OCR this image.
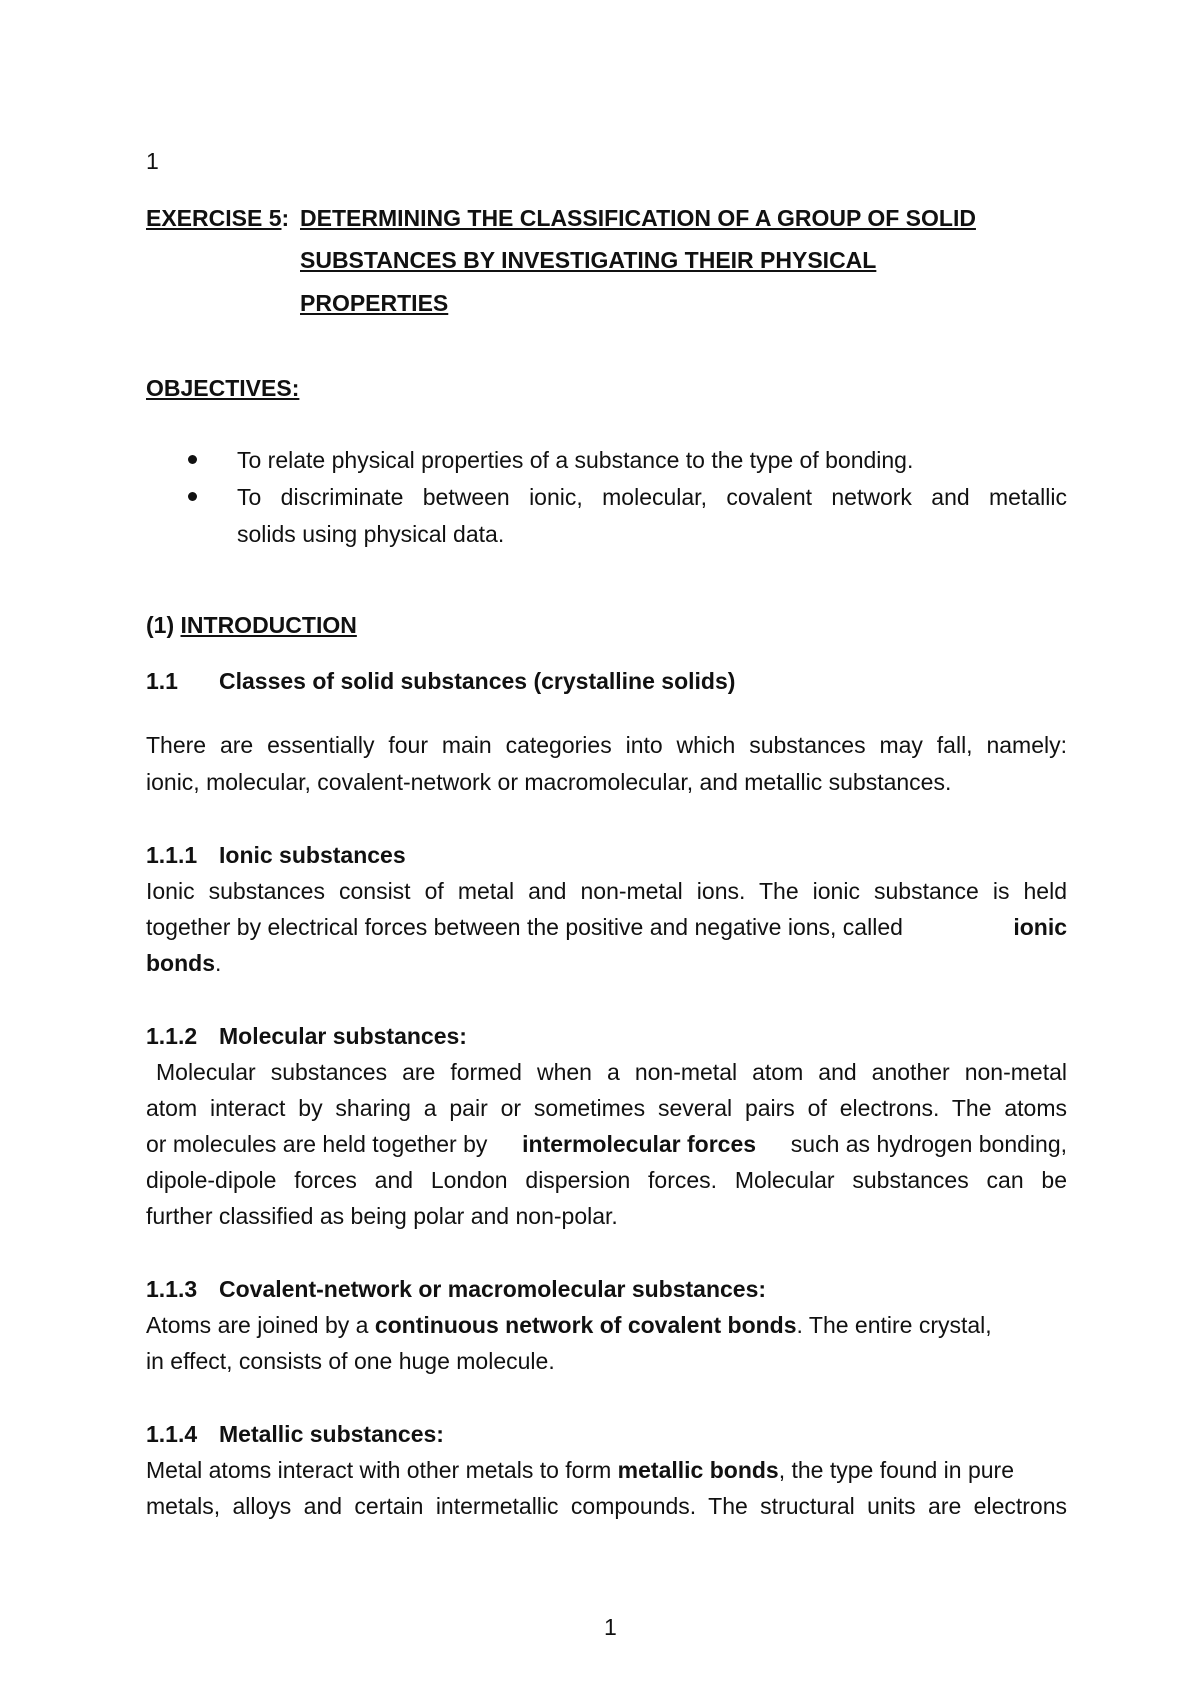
1
EXERCISE 5: DETERMINING THE CLASSIFICATION OF A GROUP OF SOLID
SUBSTANCES BY INVESTIGATING THEIR PHYSICAL
PROPERTIES
OBJECTIVES:
To relate physical properties of a substance to the type of bonding.
To discriminate between ionic, molecular, covalent network and metallic
solids using physical data.
(1) INTRODUCTION
1.1 Classes of solid substances (crystalline solids)
There are essentially four main categories into which substances may fall, namely:
ionic, molecular, covalent-network or macromolecular, and metallic substances.
1.1.1 Ionic substances
Ionic substances consist of metal and non-metal ions. The ionic substance is held
together by electrical forces between the positive and negative ions, called	ionic
bonds.
1.1.2 Molecular substances:
Molecular substances are formed when a non-metal atom and another non-metal
atom interact by sharing a pair or sometimes several pairs of electrons. The atoms
or molecules are held together by intermolecular forces such as hydrogen bonding,
dipole-dipole forces and London dispersion forces. Molecular substances can be
further classified as being polar and non-polar.
1.1.3 Covalent-network or macromolecular substances:
Atoms are joined by a continuous network of covalent bonds. The entire crystal,
in effect, consists of one huge molecule.
1.1.4 Metallic substances:
Metal atoms interact with other metals to form metallic bonds, the type found in pure
metals, alloys and certain intermetallic compounds. The structural units are electrons
1
